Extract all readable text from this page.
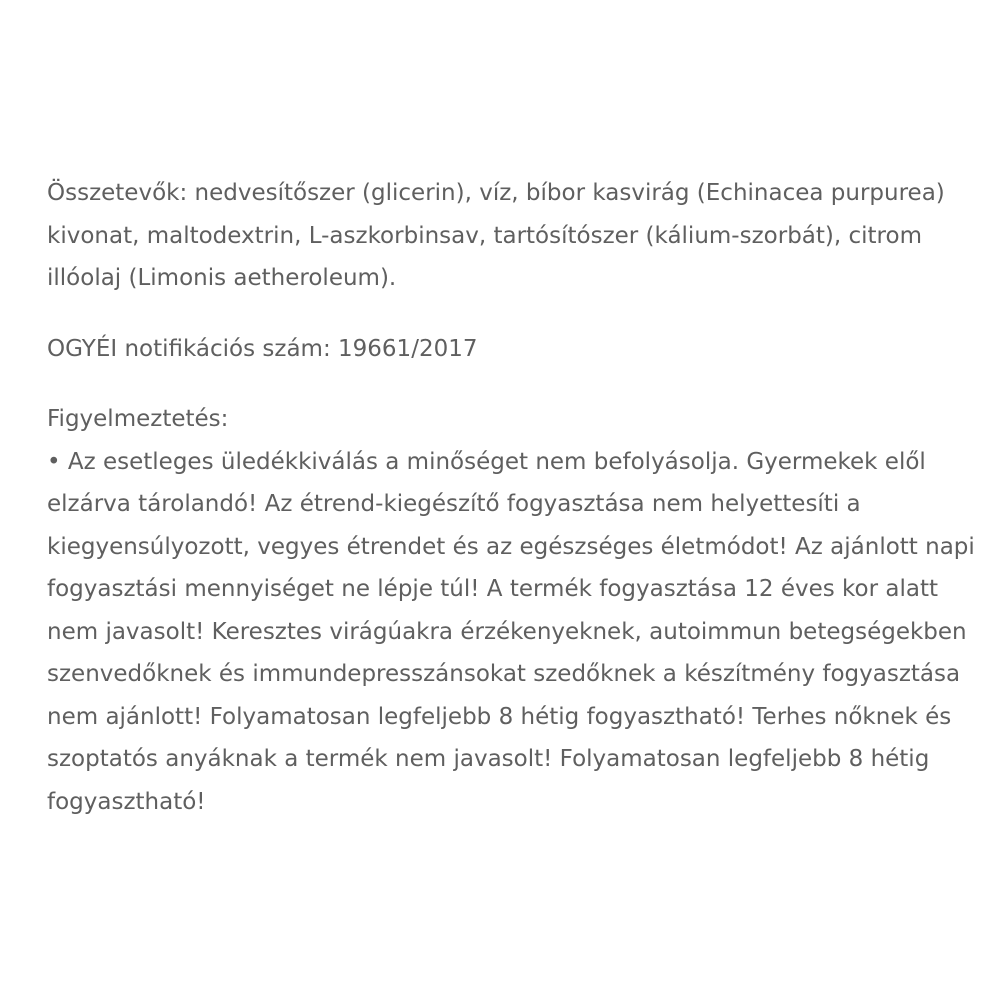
Összetevők: nedvesítőszer (glicerin), víz, bíbor kasvirág (Echinacea purpurea)
kivonat, maltodextrin, L-aszkorbinsav, tartósítószer (kálium-szorbát), citrom
illóolaj (Limonis aetheroleum).

OGYÉI notifikációs szám: 19661/2017

Figyelmeztetés:

• Az esetleges üledékkiválás a minőséget nem befolyásolja. Gyermekek elől
elzárva tárolandó! Az étrend-kiegészítő fogyasztása nem helyettesíti a
kiegyensúlyozott, vegyes étrendet és az egészséges életmódot! Az ajánlott napi
fogyasztási mennyiséget ne lépje túl! A termék fogyasztása 12 éves kor alatt
nem javasolt! Keresztes virágúakra érzékenyeknek, autoimmun betegségekben
szenvedőknek és immundepresszánsokat szedőknek a készítmény fogyasztása
nem ajánlott! Folyamatosan legfeljebb 8 hétig fogyasztható! Terhes nőknek és
szoptatós anyáknak a termék nem javasolt! Folyamatosan legfeljebb 8 hétig
fogyasztható!
